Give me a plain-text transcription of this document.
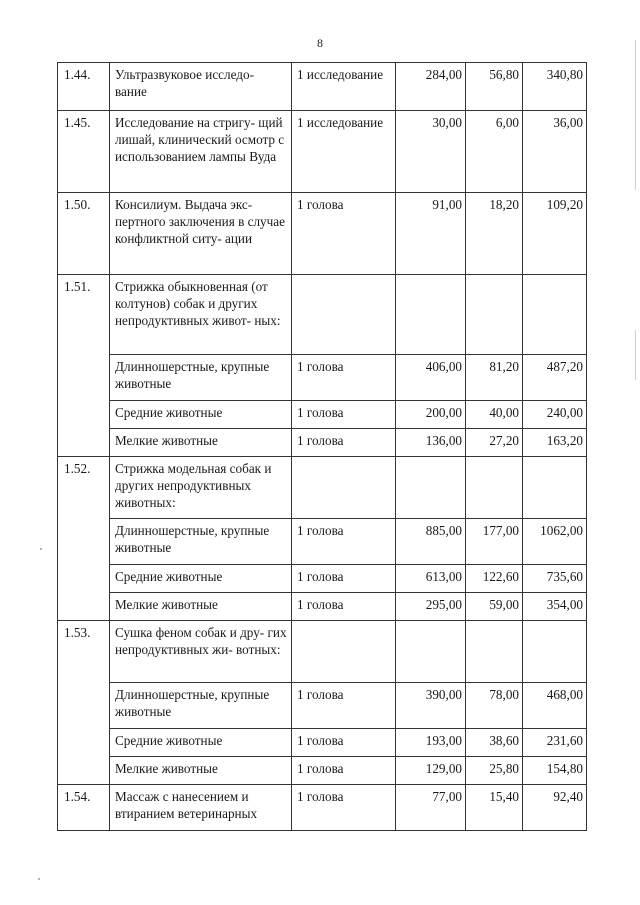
8
1.44.	Ультразвуковое исследо- вание	1 исследование	284,00	56,80	340,80
1.45.	Исследование на стригу- щий лишай, клинический осмотр с использованием лампы Вуда	1 исследование	30,00	6,00	36,00
1.50.	Консилиум. Выдача экс- пертного заключения в случае конфликтной ситу- ации	1 голова	91,00	18,20	109,20
1.51.	Стрижка обыкновенная (от колтунов) собак и других непродуктивных живот- ных:				
	Длинношерстные, крупные животные	1 голова	406,00	81,20	487,20
	Средние животные	1 голова	200,00	40,00	240,00
	Мелкие животные	1 голова	136,00	27,20	163,20
1.52.	Стрижка модельная собак и других непродуктивных животных:				
	Длинношерстные, крупные животные	1 голова	885,00	177,00	1062,00
	Средние животные	1 голова	613,00	122,60	735,60
	Мелкие животные	1 голова	295,00	59,00	354,00
1.53.	Сушка феном собак и дру- гих непродуктивных жи- вотных:				
	Длинношерстные, крупные животные	1 голова	390,00	78,00	468,00
	Средние животные	1 голова	193,00	38,60	231,60
	Мелкие животные	1 голова	129,00	25,80	154,80
1.54.	Массаж с нанесением и втиранием ветеринарных	1 голова	77,00	15,40	92,40
